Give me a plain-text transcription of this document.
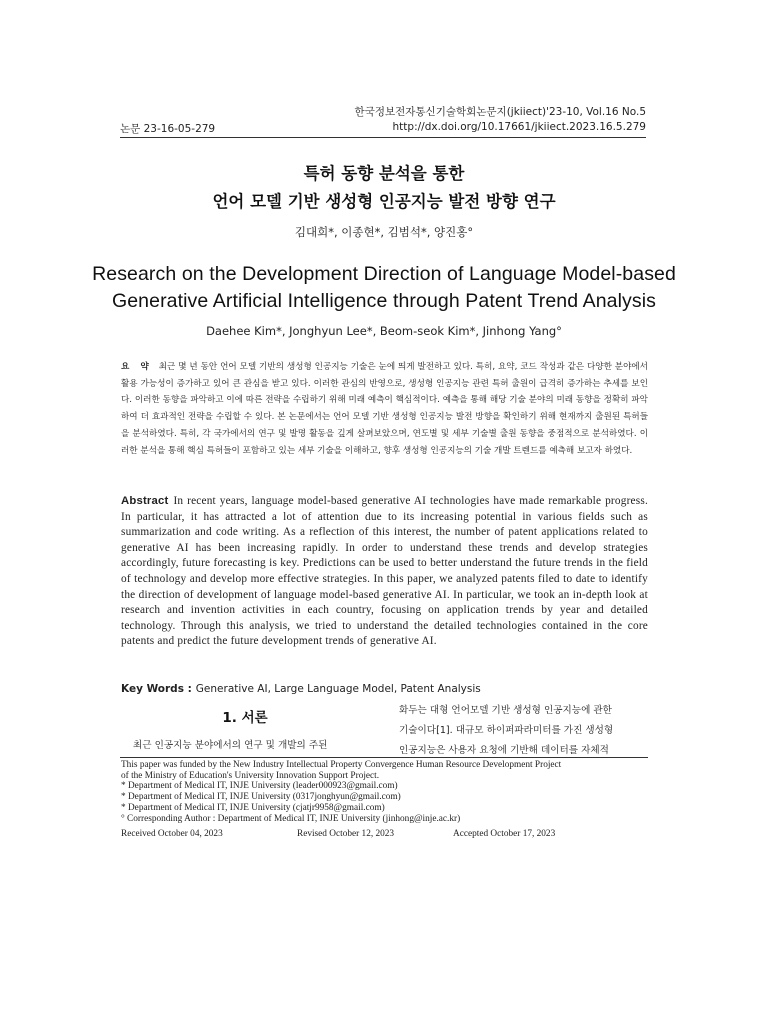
한국정보전자통신기술학회논문지(jkiiect)'23-10, Vol.16 No.5
논문 23-16-05-279	http://dx.doi.org/10.17661/jkiiect.2023.16.5.279
특허 동향 분석을 통한
언어 모델 기반 생성형 인공지능 발전 방향 연구
김대희*, 이종현*, 김범석*, 양진홍°
Research on the Development Direction of Language Model-based
Generative Artificial Intelligence through Patent Trend Analysis
Daehee Kim*, Jonghyun Lee*, Beom-seok Kim*, Jinhong Yang°
요 약 최근 몇 년 동안 언어 모델 기반의 생성형 인공지능 기술은 눈에 띄게 발전하고 있다. 특히, 요약, 코드 작성과 같은 다양한 분야에서 활용 가능성이 증가하고 있어 큰 관심을 받고 있다. 이러한 관심의 반영으로, 생성형 인공지능 관련 특허 출원이 급격히 증가하는 추세를 보인다. 이러한 동향을 파악하고 이에 따른 전략을 수립하기 위해 미래 예측이 핵심적이다. 예측을 통해 해당 기술 분야의 미래 동향을 정확히 파악하여 더 효과적인 전략을 수립할 수 있다. 본 논문에서는 언어 모델 기반 생성형 인공지능 발전 방향을 확인하기 위해 현재까지 출원된 특허들을 분석하였다. 특히, 각 국가에서의 연구 및 발명 활동을 깊게 살펴보았으며, 연도별 및 세부 기술별 출원 동향을 중점적으로 분석하였다. 이러한 분석을 통해 핵심 특허들이 포함하고 있는 세부 기술을 이해하고, 향후 생성형 인공지능의 기술 개발 트렌드를 예측해 보고자 하였다.
Abstract In recent years, language model-based generative AI technologies have made remarkable progress. In particular, it has attracted a lot of attention due to its increasing potential in various fields such as summarization and code writing. As a reflection of this interest, the number of patent applications related to generative AI has been increasing rapidly. In order to understand these trends and develop strategies accordingly, future forecasting is key. Predictions can be used to better understand the future trends in the field of technology and develop more effective strategies. In this paper, we analyzed patents filed to date to identify the direction of development of language model-based generative AI. In particular, we took an in-depth look at research and invention activities in each country, focusing on application trends by year and detailed technology. Through this analysis, we tried to understand the detailed technologies contained in the core patents and predict the future development trends of generative AI.
Key Words : Generative AI, Large Language Model, Patent Analysis
1. 서론
최근 인공지능 분야에서의 연구 및 개발의 주된
화두는 대형 언어모델 기반 생성형 인공지능에 관한
기술이다[1]. 대규모 하이퍼파라미터를 가진 생성형
인공지능은 사용자 요청에 기반해 데이터를 자체적
This paper was funded by the New Industry Intellectual Property Convergence Human Resource Development Project
of the Ministry of Education's University Innovation Support Project.
* Department of Medical IT, INJE University (leader000923@gmail.com)
* Department of Medical IT, INJE University (0317jonghyun@gmail.com)
* Department of Medical IT, INJE University (cjatjr9958@gmail.com)
° Corresponding Author : Department of Medical IT, INJE University (jinhong@inje.ac.kr)
Received October 04, 2023	Revised October 12, 2023	Accepted October 17, 2023
